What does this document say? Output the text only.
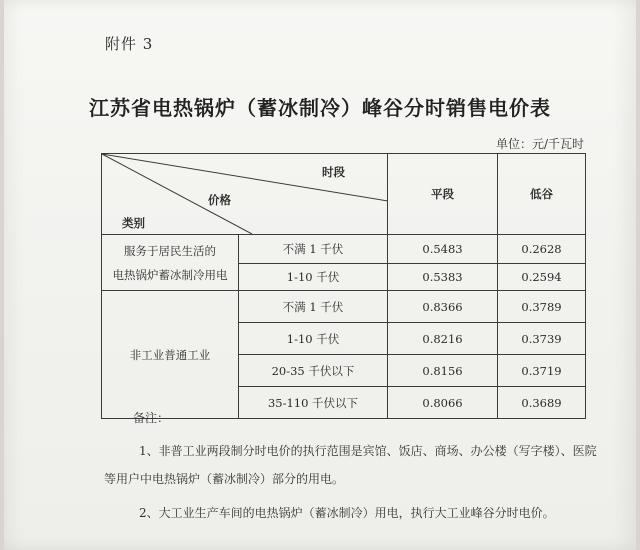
附件 3
江苏省电热锅炉（蓄冰制冷）峰谷分时销售电价表
单位：元/千瓦时
时段
价格
类别		平段	低谷

服务于居民生活的
电热锅炉蓄冰制冷用电	不满 1 千伏	0.5483	0.2628
	1-10 千伏	0.5383	0.2594
非工业普通工业	不满 1 千伏	0.8366	0.3789
	1-10 千伏	0.8216	0.3739
	20-35 千伏以下	0.8156	0.3719
	35-110 千伏以下	0.8066	0.3689
备注：
1、非普工业两段制分时电价的执行范围是宾馆、饭店、商场、办公楼（写字楼）、医院
等用户中电热锅炉（蓄冰制冷）部分的用电。
2、大工业生产车间的电热锅炉（蓄冰制冷）用电，执行大工业峰谷分时电价。
